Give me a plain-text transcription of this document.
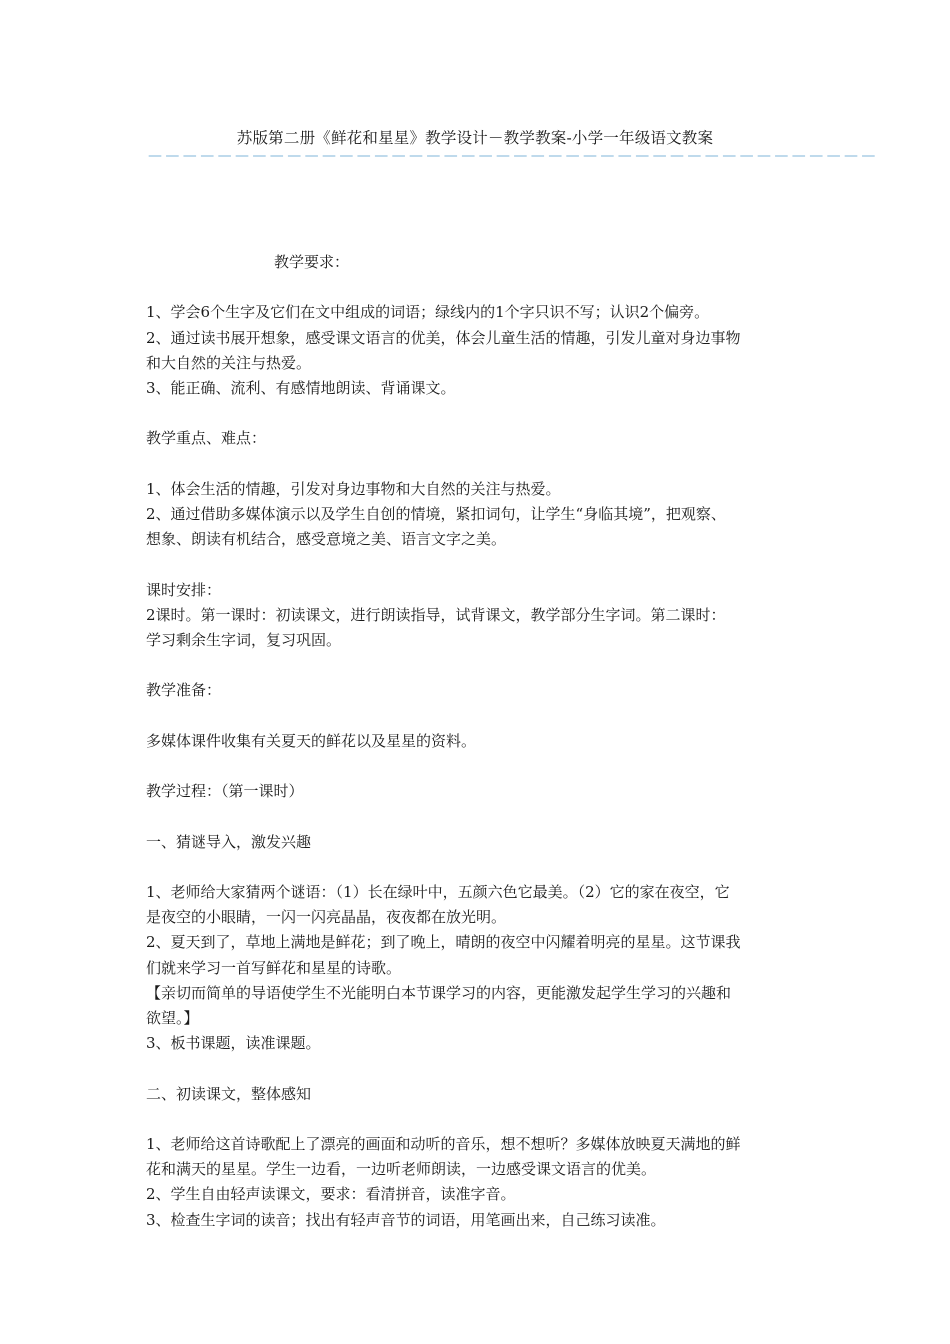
苏版第二册《鲜花和星星》教学设计－教学教案-小学一年级语文教案
——————————————————————————————————————————

教学要求：

1、学会6个生字及它们在文中组成的词语；绿线内的1个字只识不写；认识2个偏旁。

2、通过读书展开想象，感受课文语言的优美，体会儿童生活的情趣，引发儿童对身边事物

和大自然的关注与热爱。

3、能正确、流利、有感情地朗读、背诵课文。

教学重点、难点：

1、体会生活的情趣，引发对身边事物和大自然的关注与热爱。

2、通过借助多媒体演示以及学生自创的情境，紧扣词句，让学生“身临其境”，把观察、

想象、朗读有机结合，感受意境之美、语言文字之美。

课时安排：

2课时。第一课时：初读课文，进行朗读指导，试背课文，教学部分生字词。第二课时：

学习剩余生字词，复习巩固。

教学准备：

多媒体课件收集有关夏天的鲜花以及星星的资料。

教学过程：（第一课时）

一、猜谜导入，激发兴趣

1、老师给大家猜两个谜语：（1）长在绿叶中，五颜六色它最美。（2）它的家在夜空，它

是夜空的小眼睛，一闪一闪亮晶晶，夜夜都在放光明。

2、夏天到了，草地上满地是鲜花；到了晚上，晴朗的夜空中闪耀着明亮的星星。这节课我

们就来学习一首写鲜花和星星的诗歌。

【亲切而简单的导语使学生不光能明白本节课学习的内容，更能激发起学生学习的兴趣和

欲望。】

3、板书课题，读准课题。

二、初读课文，整体感知

1、老师给这首诗歌配上了漂亮的画面和动听的音乐，想不想听？多媒体放映夏天满地的鲜

花和满天的星星。学生一边看，一边听老师朗读，一边感受课文语言的优美。

2、学生自由轻声读课文，要求：看清拼音，读准字音。

3、检查生字词的读音；找出有轻声音节的词语，用笔画出来，自己练习读准。
